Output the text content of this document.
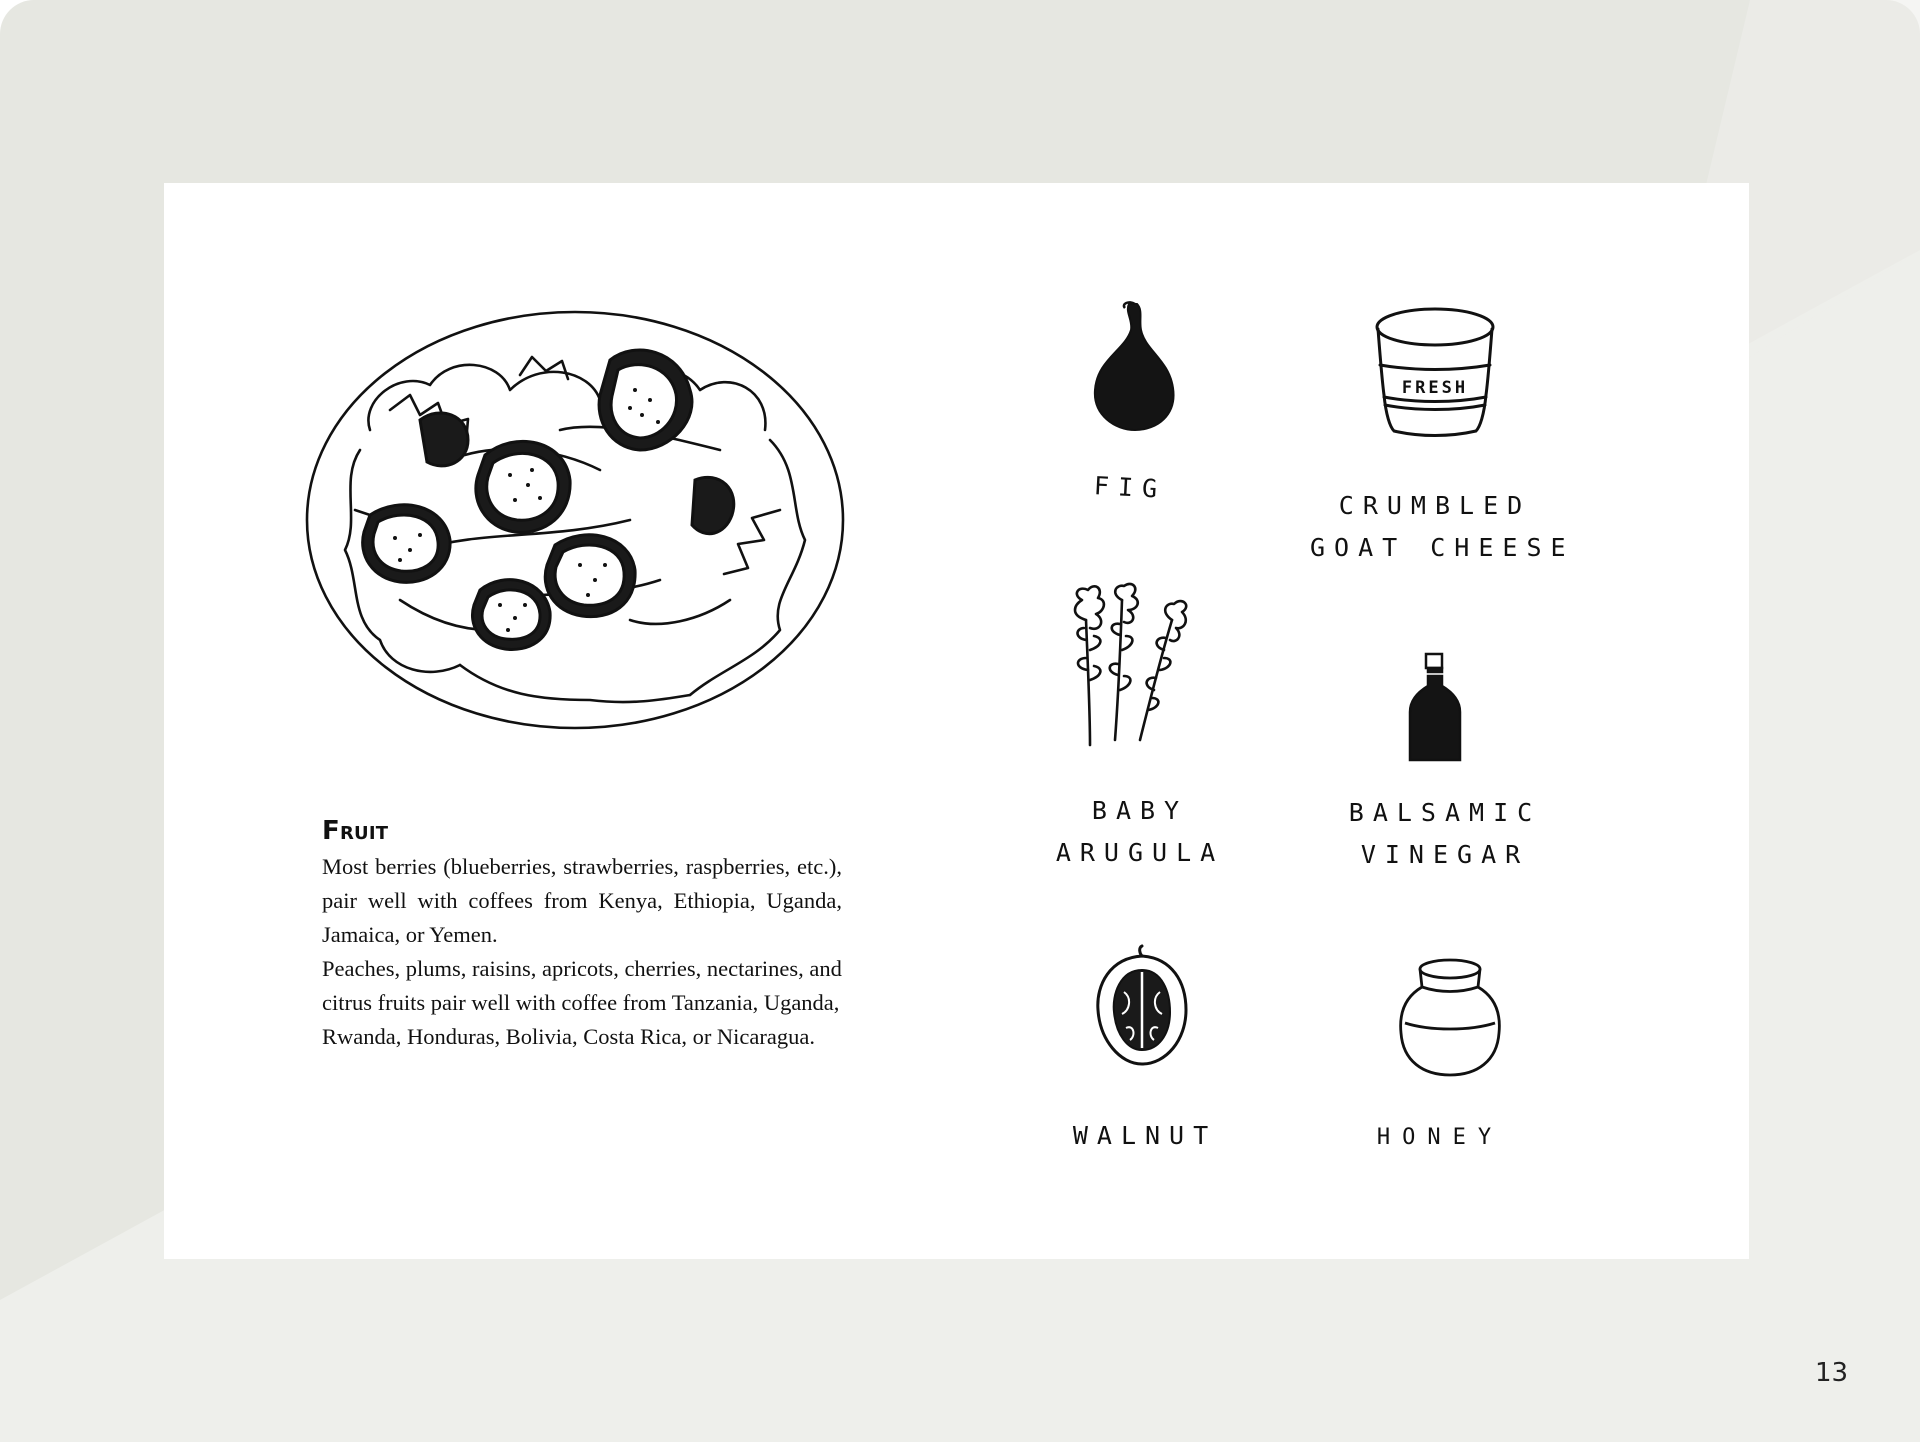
Fruit

Most berries (blueberries, strawberries, raspberries, etc.), pair well with coffees from Kenya, Ethiopia, Uganda, Jamaica, or Yemen.

Peaches, plums, raisins, apricots, cherries, nectarines, and citrus fruits pair well with coffee from Tanzania, Uganda, Rwanda, Honduras, Bolivia, Costa Rica, or Nicaragua.

FRESH
FIG
CRUMBLED
GOAT CHEESE
BABY
ARUGULA
BALSAMIC
VINEGAR
WALNUT	HONEY
13
